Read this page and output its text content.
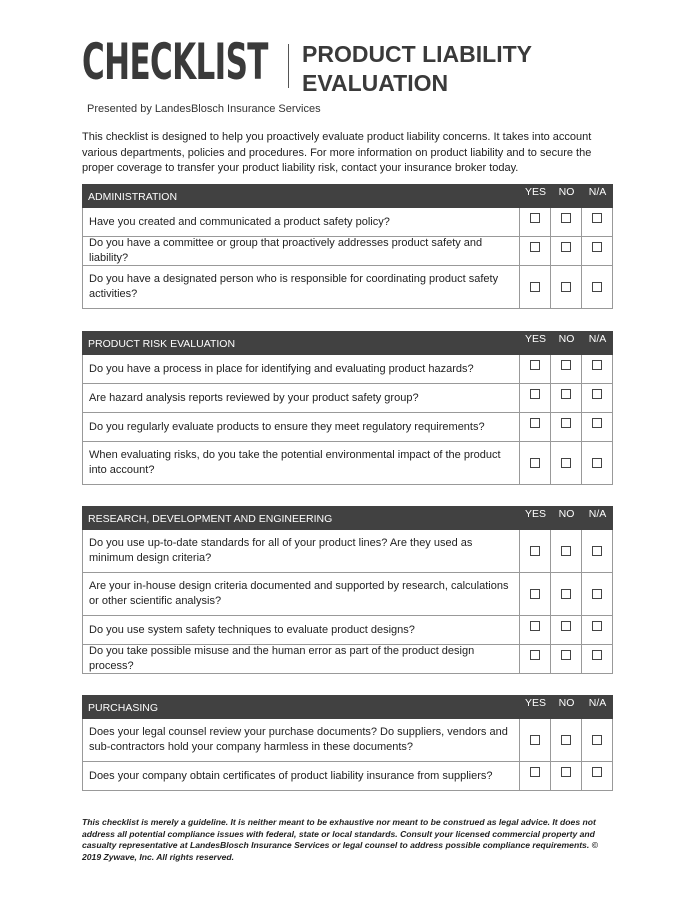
CHECKLIST PRODUCT LIABILITY
EVALUATION
Presented by LandesBlosch Insurance Services
This checklist is designed to help you proactively evaluate product liability concerns. It takes into account various departments, policies and procedures. For more information on product liability and to secure the proper coverage to transfer your product liability risk, contact your insurance broker today.
ADMINISTRATION	YES	NO	N/A
Have you created and communicated a product safety policy?
Do you have a committee or group that proactively addresses product safety and liability?
Do you have a designated person who is responsible for coordinating product safety activities?
PRODUCT RISK EVALUATION	YES	NO	N/A
Do you have a process in place for identifying and evaluating product hazards?
Are hazard analysis reports reviewed by your product safety group?
Do you regularly evaluate products to ensure they meet regulatory requirements?
When evaluating risks, do you take the potential environmental impact of the product into account?
RESEARCH, DEVELOPMENT AND ENGINEERING	YES	NO	N/A
Do you use up-to-date standards for all of your product lines? Are they used as minimum design criteria?
Are your in-house design criteria documented and supported by research, calculations or other scientific analysis?
Do you use system safety techniques to evaluate product designs?
Do you take possible misuse and the human error as part of the product design process?
PURCHASING	YES	NO	N/A
Does your legal counsel review your purchase documents? Do suppliers, vendors and sub-contractors hold your company harmless in these documents?
Does your company obtain certificates of product liability insurance from suppliers?
This checklist is merely a guideline. It is neither meant to be exhaustive nor meant to be construed as legal advice. It does not address all potential compliance issues with federal, state or local standards. Consult your licensed commercial property and casualty representative at LandesBlosch Insurance Services or legal counsel to address possible compliance requirements. © 2019 Zywave, Inc. All rights reserved.
